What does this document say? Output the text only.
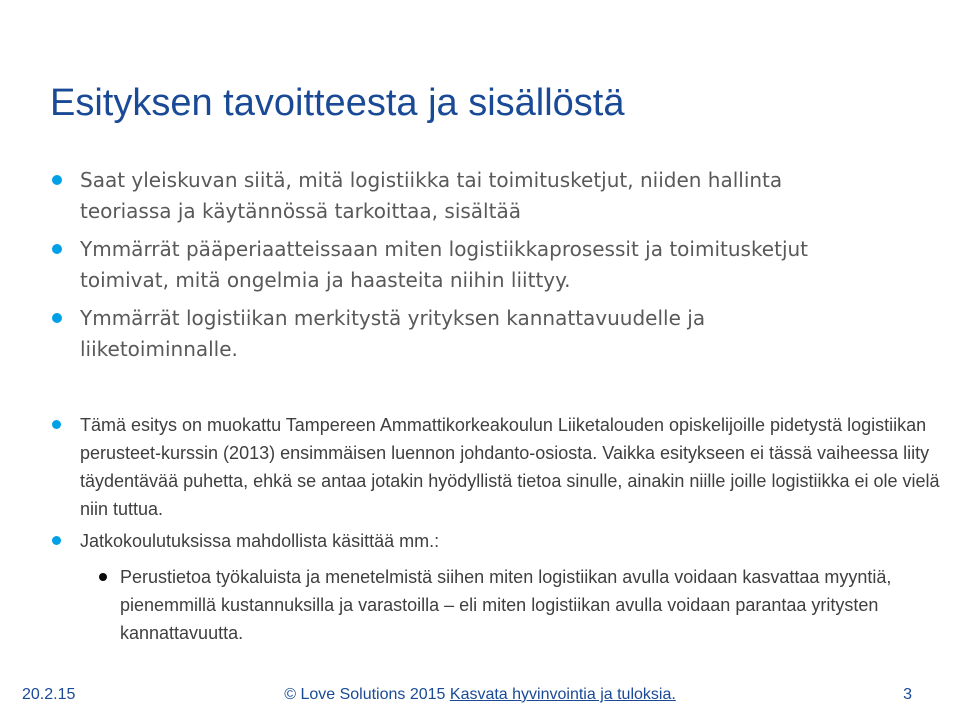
Esityksen tavoitteesta ja sisällöstä
Saat yleiskuvan siitä, mitä logistiikka tai toimitusketjut, niiden hallinta teoriassa ja käytännössä tarkoittaa, sisältää
Ymmärrät pääperiaatteissaan miten logistiikkaprosessit ja toimitusketjut toimivat, mitä ongelmia ja haasteita niihin liittyy.
Ymmärrät logistiikan merkitystä yrityksen kannattavuudelle ja liiketoiminnalle.
Tämä esitys on muokattu Tampereen Ammattikorkeakoulun Liiketalouden opiskelijoille pidetystä logistiikan perusteet-kurssin (2013) ensimmäisen luennon johdanto-osiosta. Vaikka esitykseen ei tässä vaiheessa liity täydentävää puhetta, ehkä se antaa jotakin hyödyllistä tietoa sinulle, ainakin niille joille logistiikka ei ole vielä niin tuttua.
Jatkokoulutuksissa mahdollista käsittää mm.:
Perustietoa työkaluista ja menetelmistä siihen miten logistiikan avulla voidaan kasvattaa myyntiä, pienemmillä kustannuksilla ja varastoilla – eli miten logistiikan avulla voidaan parantaa yritysten kannattavuutta.
20.2.15	© Love Solutions 2015 Kasvata hyvinvointia ja tuloksia.	3
